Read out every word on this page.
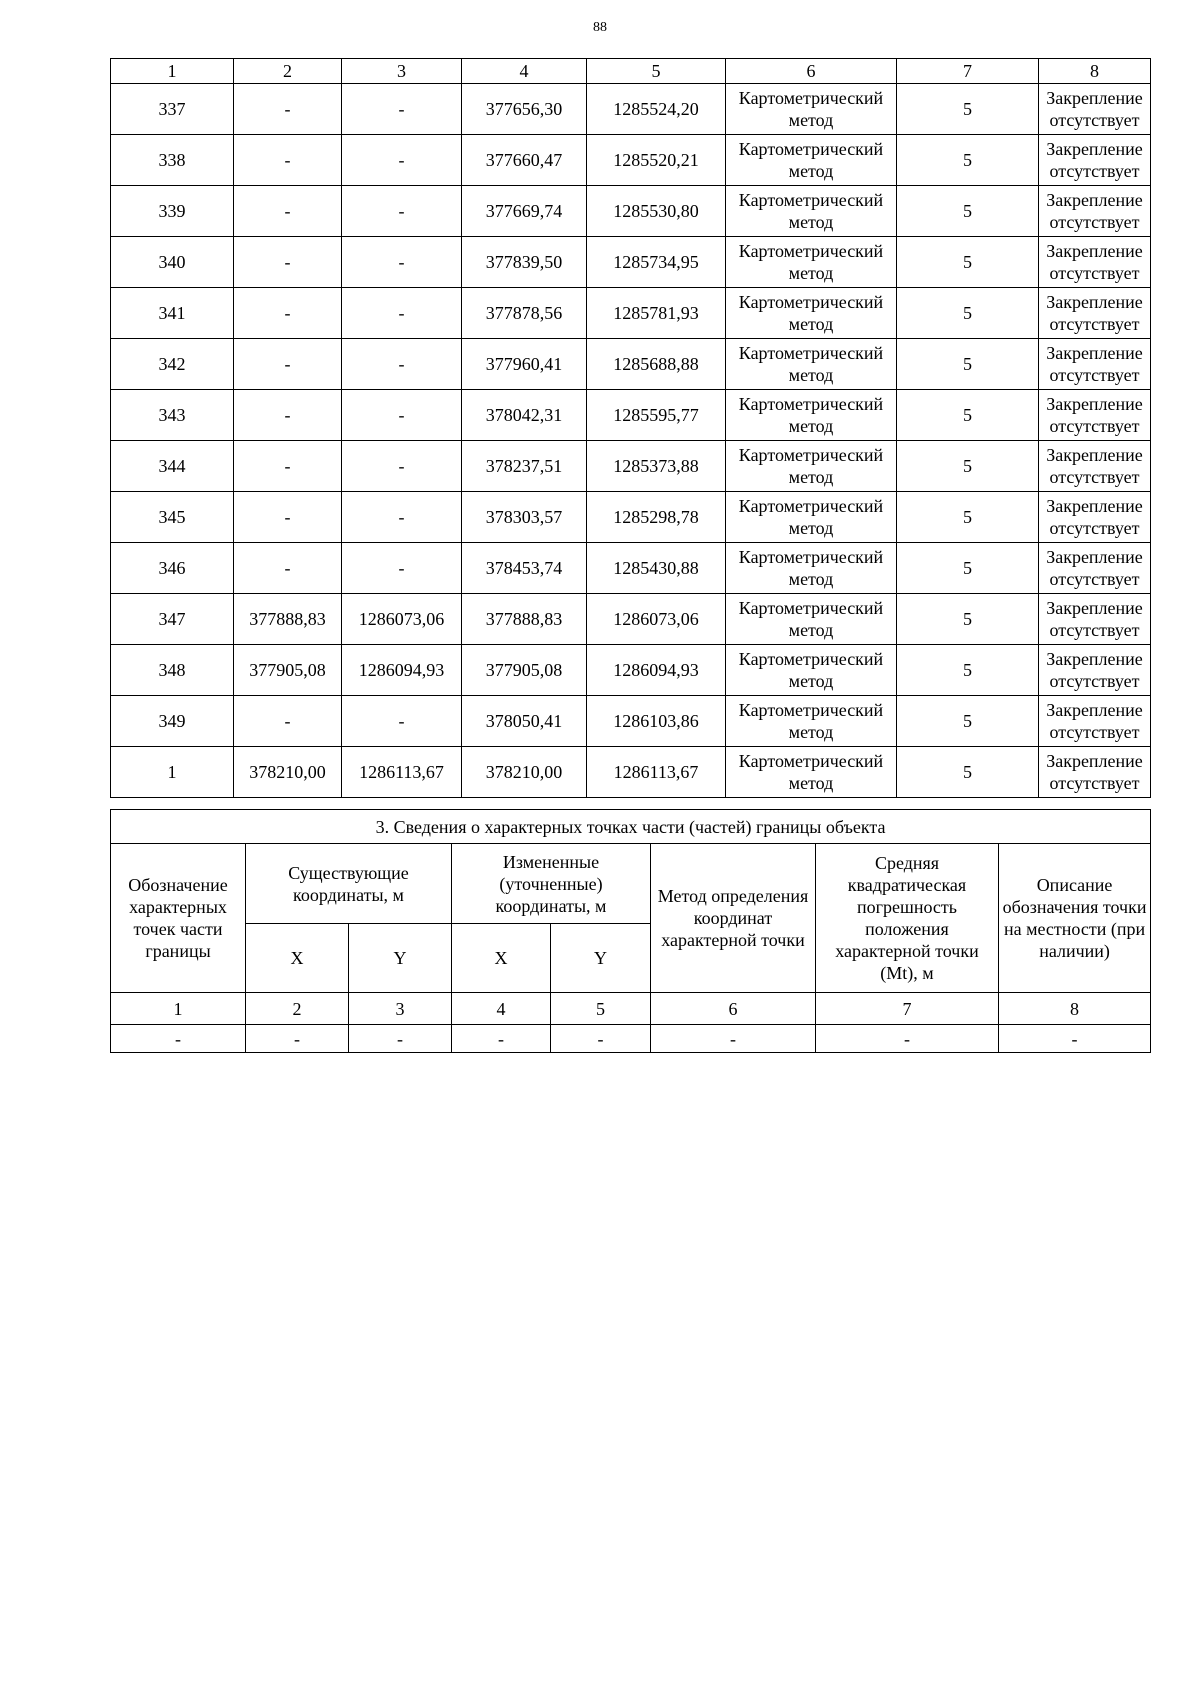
88
1	2	3	4	5	6	7	8
337	-	-	377656,30	1285524,20	Картометрический метод	5	Закрепление отсутствует
338	-	-	377660,47	1285520,21	Картометрический метод	5	Закрепление отсутствует
339	-	-	377669,74	1285530,80	Картометрический метод	5	Закрепление отсутствует
340	-	-	377839,50	1285734,95	Картометрический метод	5	Закрепление отсутствует
341	-	-	377878,56	1285781,93	Картометрический метод	5	Закрепление отсутствует
342	-	-	377960,41	1285688,88	Картометрический метод	5	Закрепление отсутствует
343	-	-	378042,31	1285595,77	Картометрический метод	5	Закрепление отсутствует
344	-	-	378237,51	1285373,88	Картометрический метод	5	Закрепление отсутствует
345	-	-	378303,57	1285298,78	Картометрический метод	5	Закрепление отсутствует
346	-	-	378453,74	1285430,88	Картометрический метод	5	Закрепление отсутствует
347	377888,83	1286073,06	377888,83	1286073,06	Картометрический метод	5	Закрепление отсутствует
348	377905,08	1286094,93	377905,08	1286094,93	Картометрический метод	5	Закрепление отсутствует
349	-	-	378050,41	1286103,86	Картометрический метод	5	Закрепление отсутствует
1	378210,00	1286113,67	378210,00	1286113,67	Картометрический метод	5	Закрепление отсутствует
3. Сведения о характерных точках части (частей) границы объекта							
Обозначение характерных точек части границы	Существующие координаты, м		Измененные (уточненные) координаты, м		Метод определения координат характерной точки	Средняя квадратическая погрешность положения характерной точки (Mt), м	Описание обозначения точки на местности (при наличии)
	X	Y	X	Y			
1	2	3	4	5	6	7	8
-	-	-	-	-	-	-	-
